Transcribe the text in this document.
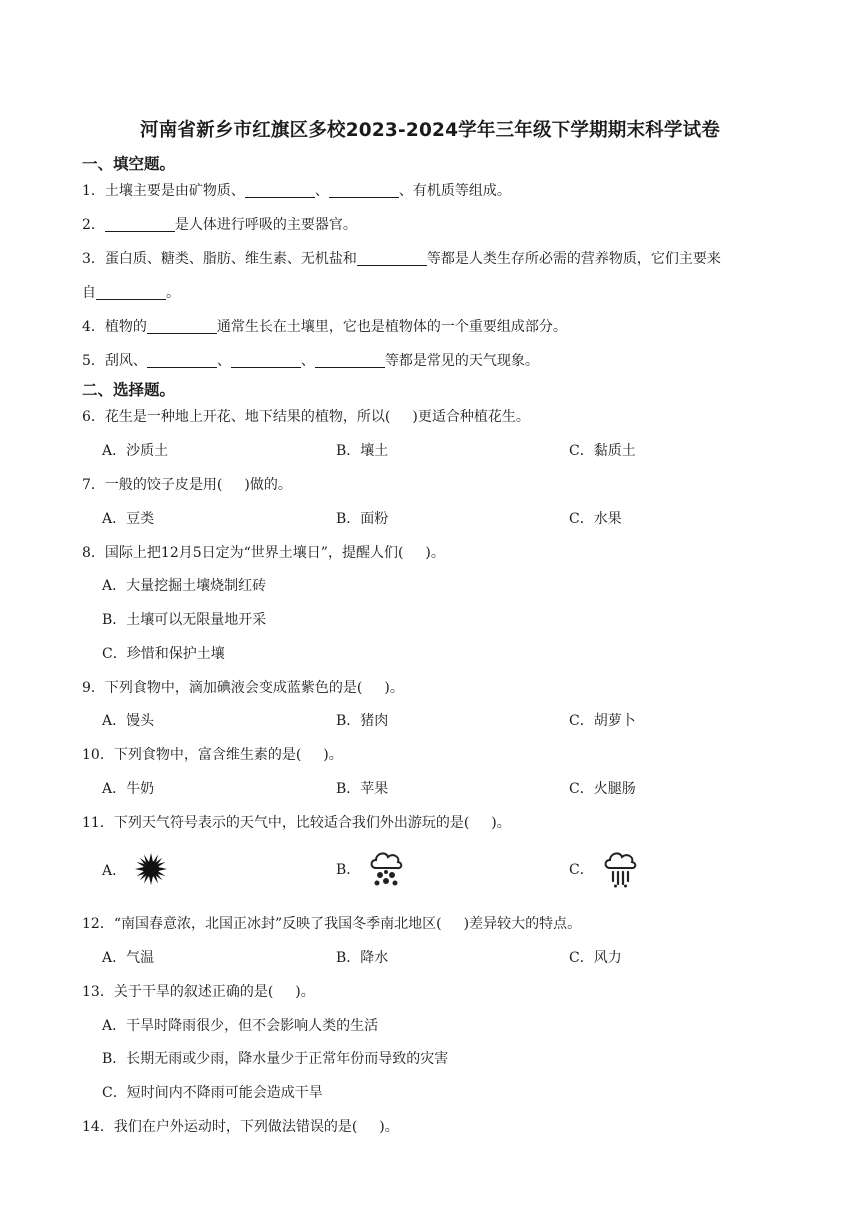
河南省新乡市红旗区多校2023-2024学年三年级下学期期末科学试卷
一、填空题。
1．土壤主要是由矿物质、	、	、有机质等组成。
2．	是人体进行呼吸的主要器官。
3．蛋白质、糖类、脂肪、维生素、无机盐和	等都是人类生存所必需的营养物质，它们主要来
自	。
4．植物的	通常生长在土壤里，它也是植物体的一个重要组成部分。
5．刮风、	、	、	等都是常见的天气现象。
二、选择题。
6．花生是一种地上开花、地下结果的植物，所以( )更适合种植花生。
A．沙质土	B．壤土	C．黏质土
7．一般的饺子皮是用( )做的。
A．豆类	B．面粉	C．水果
8．国际上把12月5日定为“世界土壤日”，提醒人们( )。
A．大量挖掘土壤烧制红砖
B．土壤可以无限量地开采
C．珍惜和保护土壤
9．下列食物中，滴加碘液会变成蓝紫色的是( )。
A．馒头	B．猪肉	C．胡萝卜
10．下列食物中，富含维生素的是( )。
A．牛奶	B．苹果	C．火腿肠
11．下列天气符号表示的天气中，比较适合我们外出游玩的是( )。
A．	B．	C．
12．“南国春意浓，北国正冰封”反映了我国冬季南北地区( )差异较大的特点。
A．气温	B．降水	C．风力
13．关于干旱的叙述正确的是( )。
A．干旱时降雨很少，但不会影响人类的生活
B．长期无雨或少雨，降水量少于正常年份而导致的灾害
C．短时间内不降雨可能会造成干旱
14．我们在户外运动时，下列做法错误的是( )。
